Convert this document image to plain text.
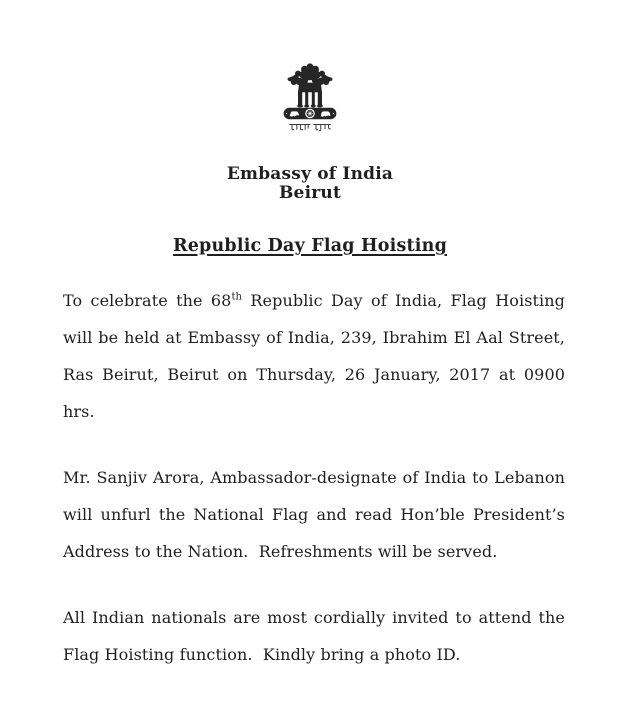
Embassy of India
Beirut
Republic Day Flag Hoisting

To celebrate the 68th Republic Day of India, Flag Hoisting will be held at Embassy of India, 239, Ibrahim El Aal Street, Ras Beirut, Beirut on Thursday, 26 January, 2017 at 0900 hrs.

Mr. Sanjiv Arora, Ambassador-designate of India to Lebanon will unfurl the National Flag and read Hon’ble President’s Address to the Nation.  Refreshments will be served.

All Indian nationals are most cordially invited to attend the Flag Hoisting function.  Kindly bring a photo ID.
